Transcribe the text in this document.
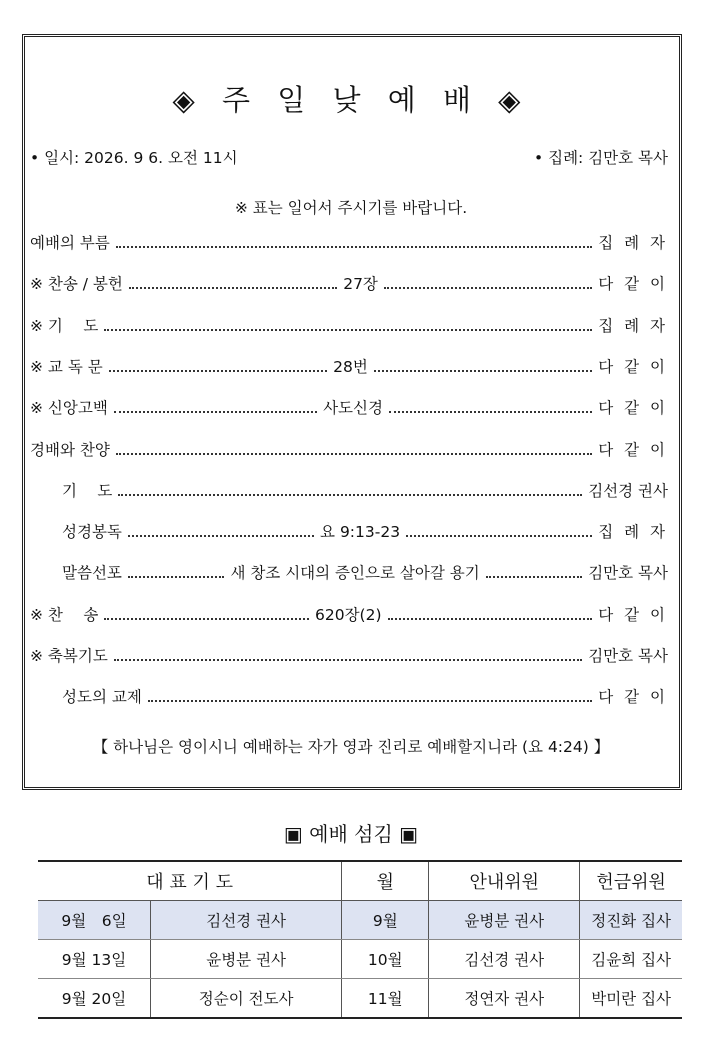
◈ 주 일 낮 예 배 ◈
• 일시: 2026. 9 6. 오전 11시	• 집례: 김만호 목사
※ 표는 일어서 주시기를 바랍니다.
예배의 부름	집 례 자
※ 찬송 / 봉헌	27장	다 같 이
※ 기　 도	집 례 자
※ 교 독 문	28번	다 같 이
※ 신앙고백	사도신경	다 같 이
경배와 찬양	다 같 이
기　 도	김선경 권사
성경봉독	요 9:13-23	집 례 자
말씀선포	새 창조 시대의 증인으로 살아갈 용기	김만호 목사
※ 찬　 송	620장(2)	다 같 이
※ 축복기도	김만호 목사
성도의 교제	다 같 이
【 하나님은 영이시니 예배하는 자가 영과 진리로 예배할지니라 (요 4:24) 】
▣ 예배 섬김 ▣
대 표 기 도		월	안내위원	헌금위원
9월　6일	김선경 권사	9월	윤병분 권사	정진화 집사
9월 13일	윤병분 권사	10월	김선경 권사	김윤희 집사
9월 20일	정순이 전도사	11월	정연자 권사	박미란 집사
